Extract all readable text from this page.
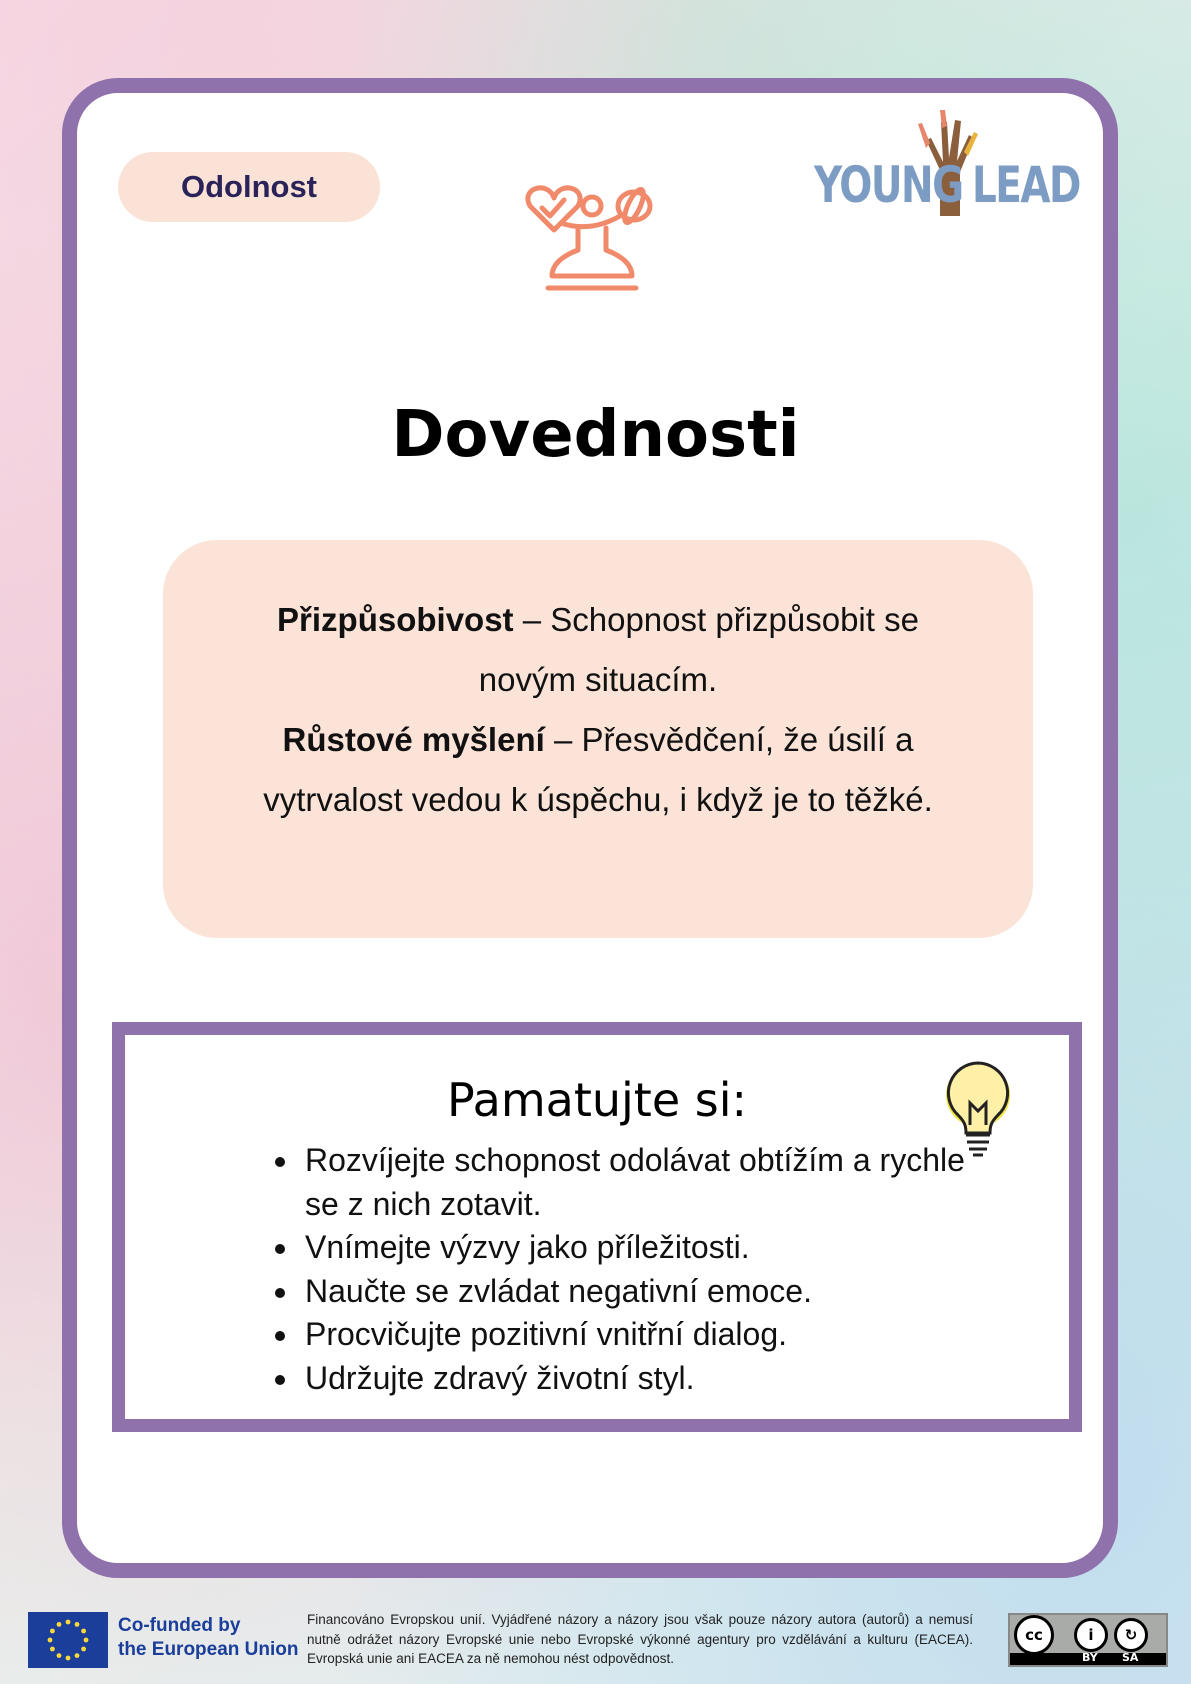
Odolnost	YOUNG LEAD
Dovednosti
Přizpůsobivost – Schopnost přizpůsobit se novým situacím.
Růstové myšlení – Přesvědčení, že úsilí a vytrvalost vedou k úspěchu, i když je to těžké.
Pamatujte si:
• Rozvíjejte schopnost odolávat obtížím a rychle se z nich zotavit.
• Vnímejte výzvy jako příležitosti.
• Naučte se zvládat negativní emoce.
• Procvičujte pozitivní vnitřní dialog.
• Udržujte zdravý životní styl.
Co-funded by
the European Union
Financováno Evropskou unií. Vyjádřené názory a názory jsou však pouze názory autora (autorů) a nemusí nutně odrážet názory Evropské unie nebo Evropské výkonné agentury pro vzdělávání a kulturu (EACEA). Evropská unie ani EACEA za ně nemohou nést odpovědnost.
cc	i	↻
BY SA
